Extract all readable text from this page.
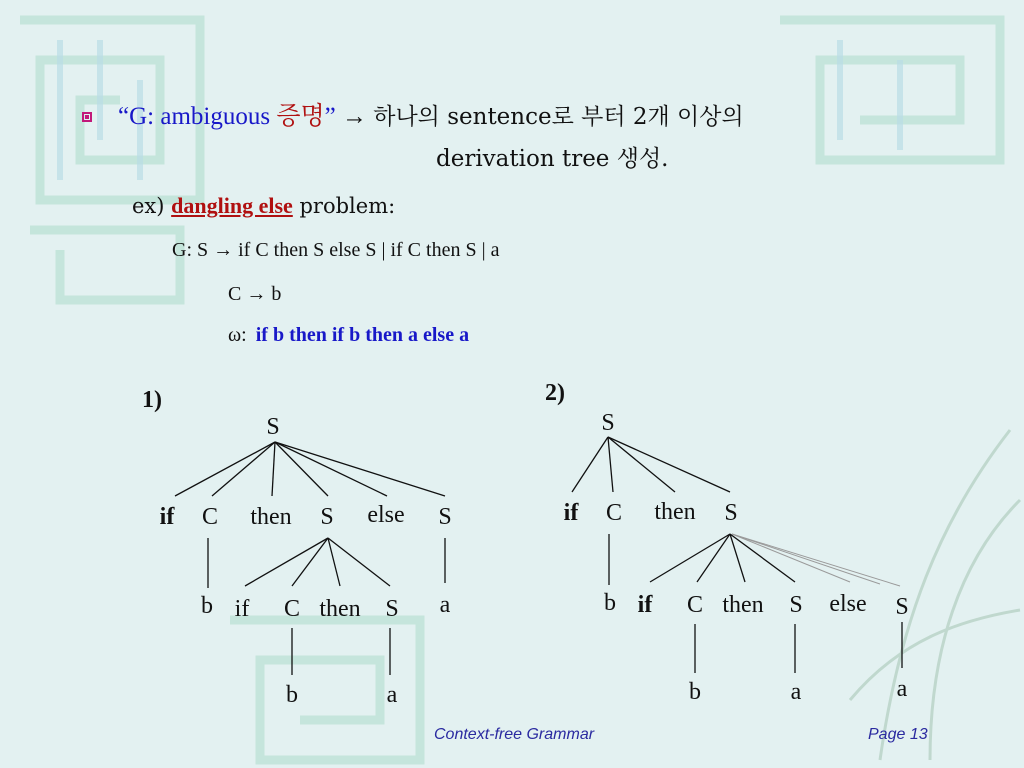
“G: ambiguous 증명” → 하나의 sentence로 부터 2개 이상의
derivation tree 생성.
ex) dangling else problem:
G: S → if C then S else S | if C then S | a
C → b
ω: if b then if b then a else a
1)	2)
S
if C then S else S
b if C then S a
b	a
S
if C then S
b if C then S else S
b	a	a
Context-free Grammar	Page 13
